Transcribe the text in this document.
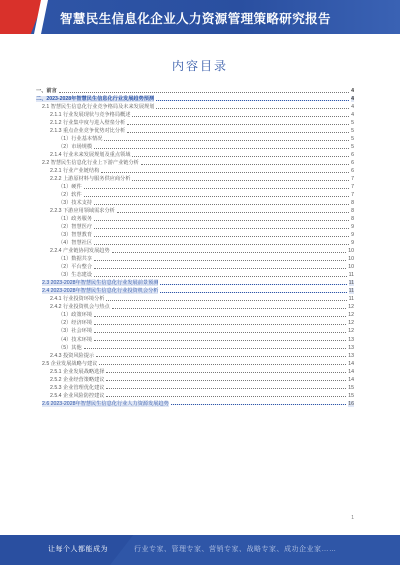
智慧民生信息化企业人力资源管理策略研究报告
内容目录
一、前言	4
二、2023-2028年智慧民生信息化行业发展趋势预测	4
2.1 智慧民生信息化行业竞争格局及未来发展规划	4
2.1.1 行业发展现状与竞争格局概述	4
2.1.2 行业集中度与进入壁垒分析	5
2.1.3 重点企业竞争优势对比分析	5
（1）行业基本情况	5
（2）市场规模	5
2.1.4 行业未来发展规划及重点领域	6
2.2 智慧民生信息化行业上下游产业链分析	6
2.2.1 行业产业链结构	6
2.2.2 上游原材料与服务供应商分析	7
（1）硬件	7
（2）软件	7
（3）技术支持	8
2.2.3 下游应用领域需求分析	8
（1）政务服务	8
（2）智慧医疗	9
（3）智慧教育	9
（4）智慧社区	9
2.2.4 产业链协同发展趋势	10
（1）数据共享	10
（2）平台整合	10
（3）生态建设	11
2.3 2023-2028年智慧民生信息化行业发展前景预测	11
2.4 2023-2028年智慧民生信息化行业投资机会分析	11
2.4.1 行业投资环境分析	11
2.4.2 行业投资机会与热点	12
（1）政策环境	12
（2）经济环境	12
（3）社会环境	12
（4）技术环境	13
（5）其他	13
2.4.3 投资风险提示	13
2.5 企业发展战略与建议	14
2.5.1 企业发展战略选择	14
2.5.2 企业经营策略建议	14
2.5.3 企业管理优化建议	15
2.5.4 企业风险防控建议	15
2.6 2023-2028年智慧民生信息化行业人力资源发展趋势	16
1
让每个人都能成为	行业专家、管理专家、营销专家、战略专家、成功企业家……
